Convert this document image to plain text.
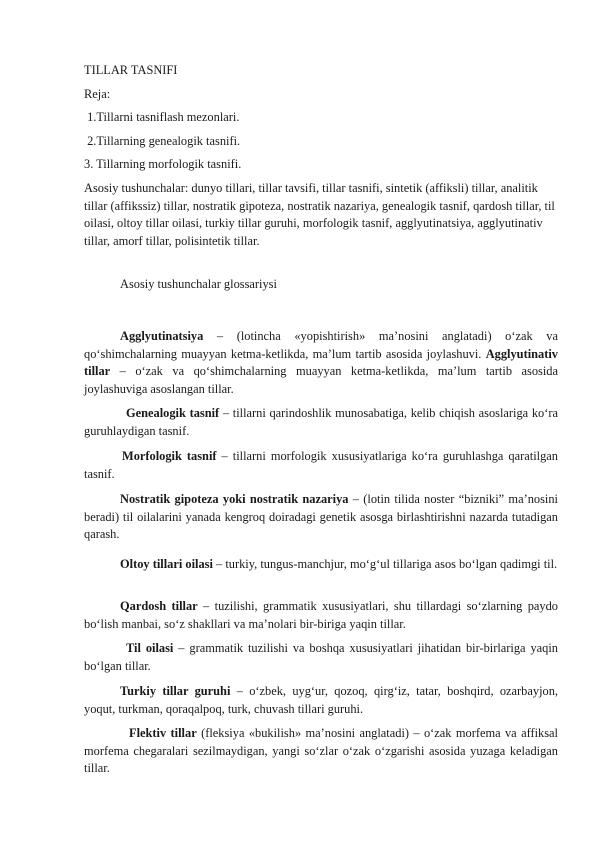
TILLAR TASNIFI
Reja:
1.Tillarni tasniflash mezonlari.
2.Tillarning genealogik tasnifi.
3. Tillarning morfologik tasnifi.
Asosiy tushunchalar: dunyo tillari, tillar tavsifi, tillar tasnifi, sintetik (affiksli) tillar, analitik tillar (affikssiz) tillar, nostratik gipoteza, nostratik nazariya, genealogik tasnif, qardosh tillar, til oilasi, oltoy tillar oilasi, turkiy tillar guruhi, morfologik tasnif, agglyutinatsiya, agglyutinativ tillar, amorf tillar, polisintetik tillar.
Asosiy tushunchalar glossariysi
Agglyutinatsiya – (lotincha «yopishtirish» ma’nosini anglatadi) o‘zak va qo‘shimchalarning muayyan ketma-ketlikda, ma’lum tartib asosida joylashuvi. Agglyutinativ tillar – o‘zak va qo‘shimchalarning muayyan ketma-ketlikda, ma’lum tartib asosida joylashuviga asoslangan tillar.
Genealogik tasnif – tillarni qarindoshlik munosabatiga, kelib chiqish asoslariga ko‘ra guruhlaydigan tasnif.
Morfologik tasnif – tillarni morfologik xususiyatlariga ko‘ra guruhlashga qaratilgan tasnif.
Nostratik gipoteza yoki nostratik nazariya – (lotin tilida noster “bizniki” ma’nosini beradi) til oilalarini yanada kengroq doiradagi genetik asosga birlashtirishni nazarda tutadigan qarash.
Oltoy tillari oilasi – turkiy, tungus-manchjur, mo‘g‘ul tillariga asos bo‘lgan qadimgi til.
Qardosh tillar – tuzilishi, grammatik xususiyatlari, shu tillardagi so‘zlarning paydo bo‘lish manbai, so‘z shakllari va ma’nolari bir-biriga yaqin tillar.
Til oilasi – grammatik tuzilishi va boshqa xususiyatlari jihatidan bir-birlariga yaqin bo‘lgan tillar.
Turkiy tillar guruhi – o‘zbek, uyg‘ur, qozoq, qirg‘iz, tatar, boshqird, ozarbayjon, yoqut, turkman, qoraqalpoq, turk, chuvash tillari guruhi.
Flektiv tillar (fleksiya «bukilish» ma’nosini anglatadi) – o‘zak morfema va affiksal morfema chegaralari sezilmaydigan, yangi so‘zlar o‘zak o‘zgarishi asosida yuzaga keladigan tillar.
